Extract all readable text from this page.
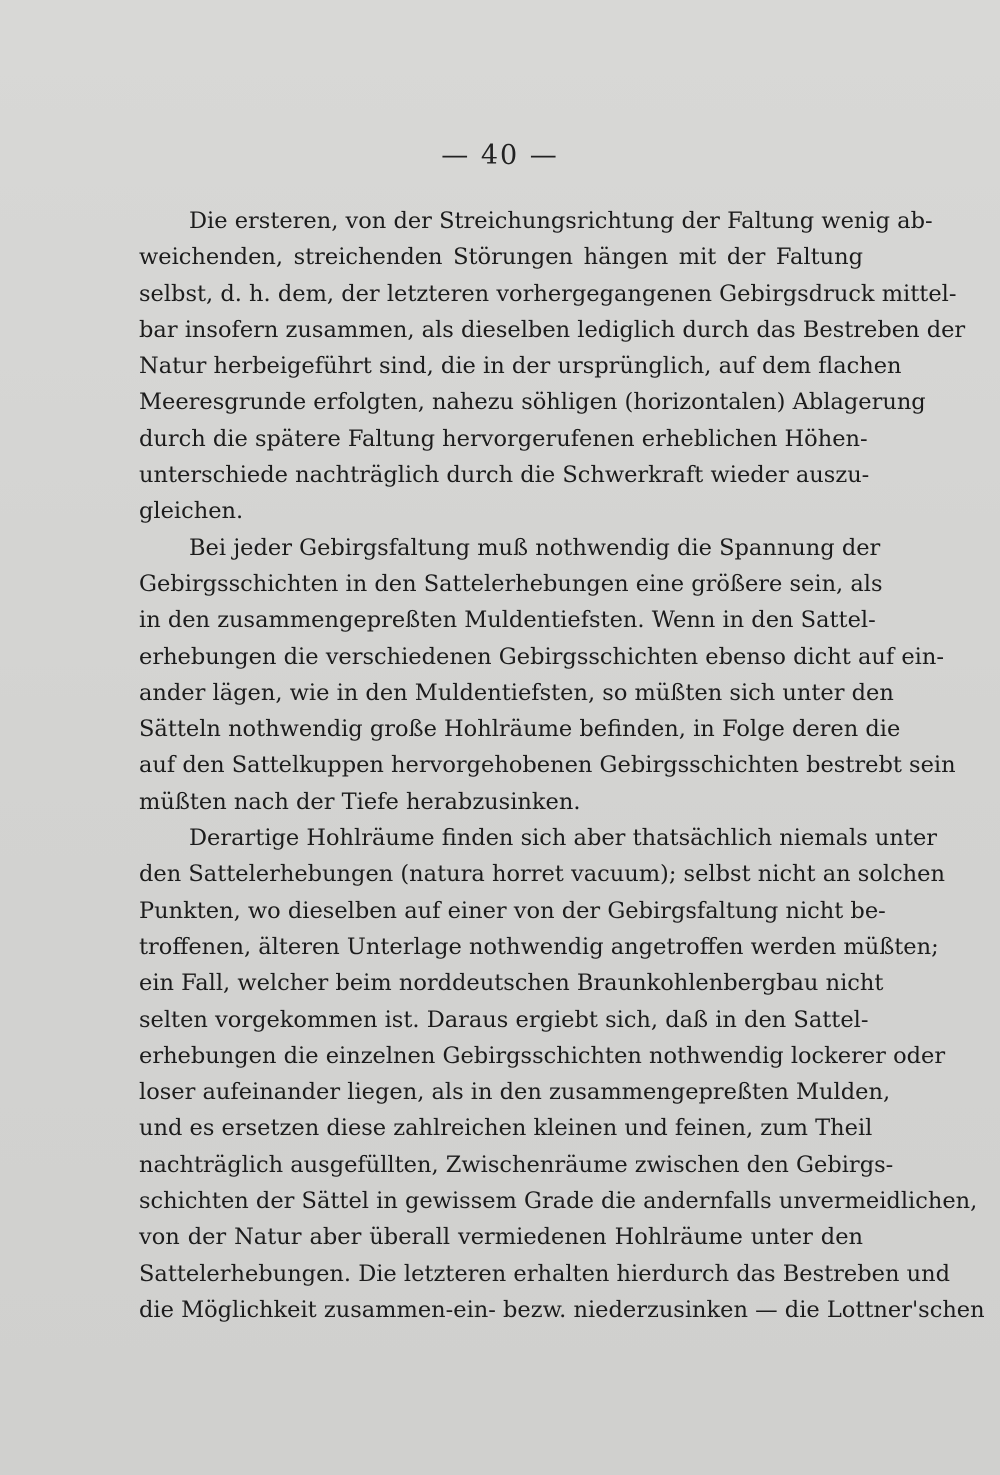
— 40 —
Die ersteren, von der Streichungsrichtung der Faltung wenig ab-
weichenden, streichenden Störungen hängen mit der Faltung
selbst, d. h. dem, der letzteren vorhergegangenen Gebirgsdruck mittel-
bar insofern zusammen, als dieselben lediglich durch das Bestreben der
Natur herbeigeführt sind, die in der ursprünglich, auf dem flachen
Meeresgrunde erfolgten, nahezu söhligen (horizontalen) Ablagerung
durch die spätere Faltung hervorgerufenen erheblichen Höhen-
unterschiede nachträglich durch die Schwerkraft wieder auszu-
gleichen.
Bei jeder Gebirgsfaltung muß nothwendig die Spannung der
Gebirgsschichten in den Sattelerhebungen eine größere sein, als
in den zusammengepreßten Muldentiefsten. Wenn in den Sattel-
erhebungen die verschiedenen Gebirgsschichten ebenso dicht auf ein-
ander lägen, wie in den Muldentiefsten, so müßten sich unter den
Sätteln nothwendig große Hohlräume befinden, in Folge deren die
auf den Sattelkuppen hervorgehobenen Gebirgsschichten bestrebt sein
müßten nach der Tiefe herabzusinken.
Derartige Hohlräume finden sich aber thatsächlich niemals unter
den Sattelerhebungen (natura horret vacuum); selbst nicht an solchen
Punkten, wo dieselben auf einer von der Gebirgsfaltung nicht be-
troffenen, älteren Unterlage nothwendig angetroffen werden müßten;
ein Fall, welcher beim norddeutschen Braunkohlenbergbau nicht
selten vorgekommen ist. Daraus ergiebt sich, daß in den Sattel-
erhebungen die einzelnen Gebirgsschichten nothwendig lockerer oder
loser aufeinander liegen, als in den zusammengepreßten Mulden,
und es ersetzen diese zahlreichen kleinen und feinen, zum Theil
nachträglich ausgefüllten, Zwischenräume zwischen den Gebirgs-
schichten der Sättel in gewissem Grade die andernfalls unvermeidlichen,
von der Natur aber überall vermiedenen Hohlräume unter den
Sattelerhebungen. Die letzteren erhalten hierdurch das Bestreben und
die Möglichkeit zusammen-ein- bezw. niederzusinken — die Lottner'schen
